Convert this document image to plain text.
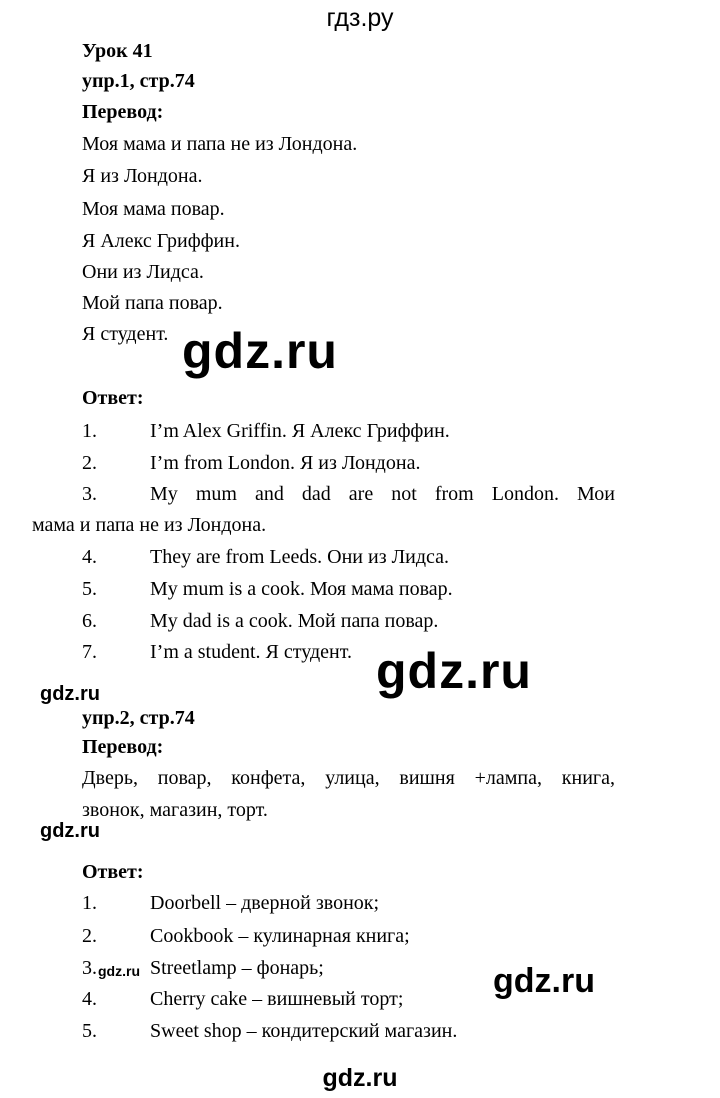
гдз.ру
Урок 41
упр.1, стр.74
Перевод:
Моя мама и папа не из Лондона.
Я из Лондона.
Моя мама повар.
Я Алекс Гриффин.
Они из Лидса.
Мой папа повар.
Я студент. gdz.ru
Ответ:
1.	I’m Alex Griffin. Я Алекс Гриффин.
2.	I’m from London. Я из Лондона.
3.	My mum and dad are not from London. Мои
мама и папа не из Лондона.
4.	They are from Leeds. Они из Лидса.
5.	My mum is a cook. Моя мама повар.
6.	My dad is a cook. Мой папа повар.
7.	I’m a student. Я студент. gdz.ru
gdz.ru
упр.2, стр.74
Перевод:
Дверь, повар, конфета, улица, вишня +лампа, книга,
звонок, магазин, торт.
gdz.ru
Ответ:
1.	Doorbell – дверной звонок;
2.	Cookbook – кулинарная книга;
3. gdz.ru Streetlamp – фонарь;	gdz.ru
4.	Cherry cake – вишневый торт;
5.	Sweet shop – кондитерский магазин.
gdz.ru
